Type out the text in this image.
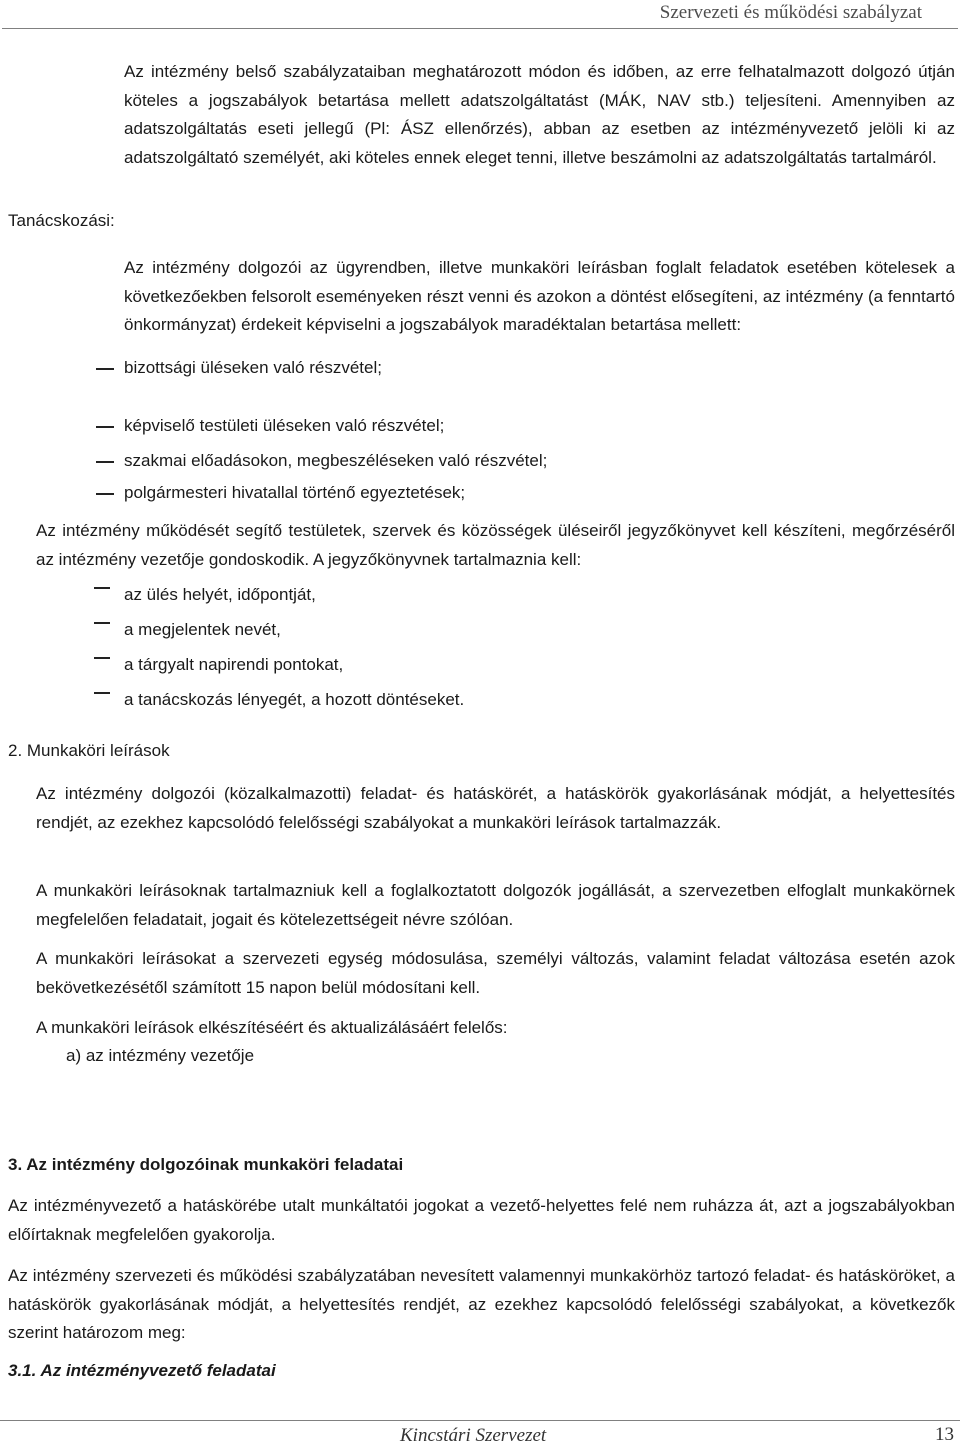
Szervezeti és működési szabályzat

Az intézmény belső szabályzataiban meghatározott módon és időben, az erre felhatalmazott dolgozó útján köteles a jogszabályok betartása mellett adatszolgáltatást (MÁK, NAV stb.) teljesíteni. Amennyiben az adatszolgáltatás eseti jellegű (Pl: ÁSZ ellenőrzés), abban az esetben az intézményvezető jelöli ki az adatszolgáltató személyét, aki köteles ennek eleget tenni, illetve beszámolni az adatszolgáltatás tartalmáról.

Tanácskozási:

Az intézmény dolgozói az ügyrendben, illetve munkaköri leírásban foglalt feladatok esetében kötelesek a következőekben felsorolt eseményeken részt venni és azokon a döntést elősegíteni, az intézmény (a fenntartó önkormányzat) érdekeit képviselni a jogszabályok maradéktalan betartása mellett:

bizottsági üléseken való részvétel;
képviselő testületi üléseken való részvétel;
szakmai előadásokon, megbeszéléseken való részvétel;
polgármesteri hivatallal történő egyeztetések;

Az intézmény működését segítő testületek, szervek és közösségek üléseiről jegyzőkönyvet kell készíteni, megőrzéséről az intézmény vezetője gondoskodik. A jegyzőkönyvnek tartalmaznia kell:

az ülés helyét, időpontját,
a megjelentek nevét,
a tárgyalt napirendi pontokat,
a tanácskozás lényegét, a hozott döntéseket.
2. Munkaköri leírások

Az intézmény dolgozói (közalkalmazotti) feladat- és hatáskörét, a hatáskörök gyakorlásának módját, a helyettesítés rendjét, az ezekhez kapcsolódó felelősségi szabályokat a munkaköri leírások tartalmazzák.

A munkaköri leírásoknak tartalmazniuk kell a foglalkoztatott dolgozók jogállását, a szervezetben elfoglalt munkakörnek megfelelően feladatait, jogait és kötelezettségeit névre szólóan.

A munkaköri leírásokat a szervezeti egység módosulása, személyi változás, valamint feladat változása esetén azok bekövetkezésétől számított 15 napon belül módosítani kell.

A munkaköri leírások elkészítéséért és aktualizálásáért felelős:

a) az intézmény vezetője

3. Az intézmény dolgozóinak munkaköri feladatai

Az intézményvezető a hatáskörébe utalt munkáltatói jogokat a vezető-helyettes felé nem ruházza át, azt a jogszabályokban előírtaknak megfelelően gyakorolja.

Az intézmény szervezeti és működési szabályzatában nevesített valamennyi munkakörhöz tartozó feladat- és hatásköröket, a hatáskörök gyakorlásának módját, a helyettesítés rendjét, az ezekhez kapcsolódó felelősségi szabályokat, a következők szerint határozom meg:

3.1. Az intézményvezető feladatai
Kincstári Szervezet	13
